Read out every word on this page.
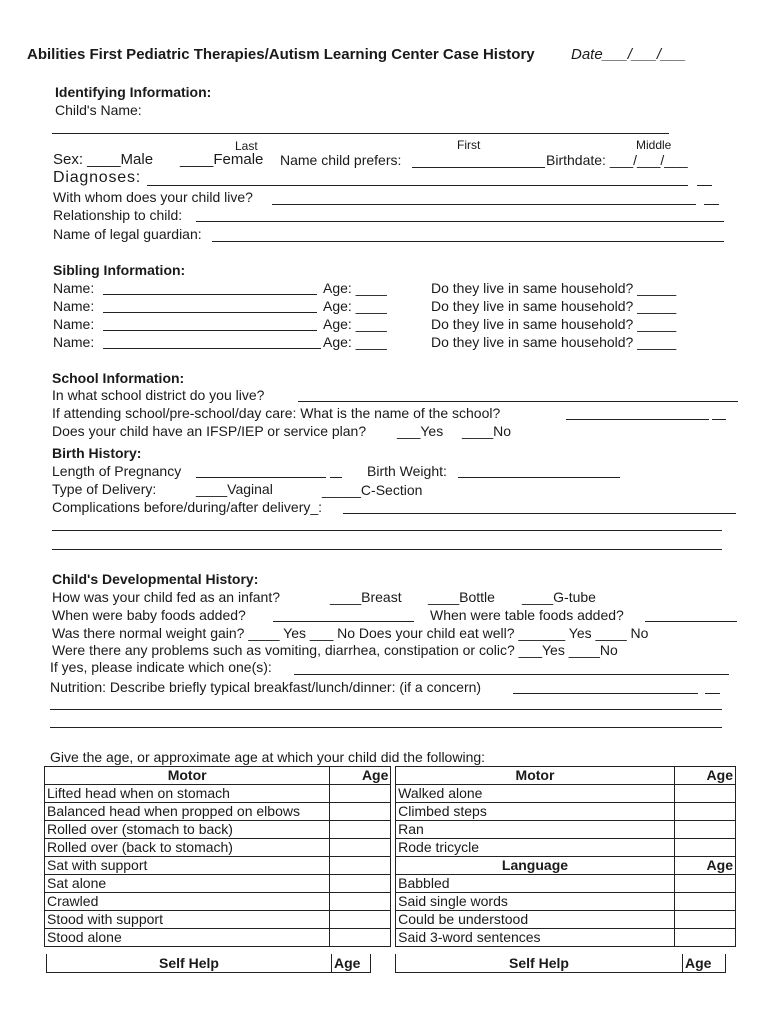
Abilities First Pediatric Therapies/Autism Learning Center Case History Date___/___/___
Identifying Information:
Child's Name:
Last	First	Middle
Sex: ____Male ____Female Name child prefers:	Birthdate: ___/___/___
Diagnoses:
With whom does your child live?
Relationship to child:
Name of legal guardian:
Sibling Information:
Name:	Age: ____	Do they live in same household? _____
Name:	Age: ____	Do they live in same household? _____
Name:	Age: ____	Do they live in same household? _____
Name:	Age: ____	Do they live in same household? _____
School Information:
In what school district do you live?
If attending school/pre-school/day care: What is the name of the school?
Does your child have an IFSP/IEP or service plan? ___Yes ____No
Birth History:
Length of Pregnancy	Birth Weight:
Type of Delivery:	____Vaginal	_____C-Section
Complications before/during/after delivery_:
Child's Developmental History:
How was your child fed as an infant?	____Breast ____Bottle ____G-tube
When were baby foods added?	When were table foods added?
Was there normal weight gain? ____ Yes ___ No Does your child eat well? ______ Yes ____ No
Were there any problems such as vomiting, diarrhea, constipation or colic? ___Yes ____No
If yes, please indicate which one(s):
Nutrition: Describe briefly typical breakfast/lunch/dinner: (if a concern)
Give the age, or approximate age at which your child did the following:
Motor	Age		Motor	Age
Lifted head when on stomach			Walked alone	
Balanced head when propped on elbows			Climbed steps	
Rolled over (stomach to back)			Ran	
Rolled over (back to stomach)			Rode tricycle	
Sat with support			Language	Age
Sat alone			Babbled	
Crawled			Said single words	
Stood with support			Could be understood	
Stood alone			Said 3-word sentences	
Self Help	Age	Self Help	Age
